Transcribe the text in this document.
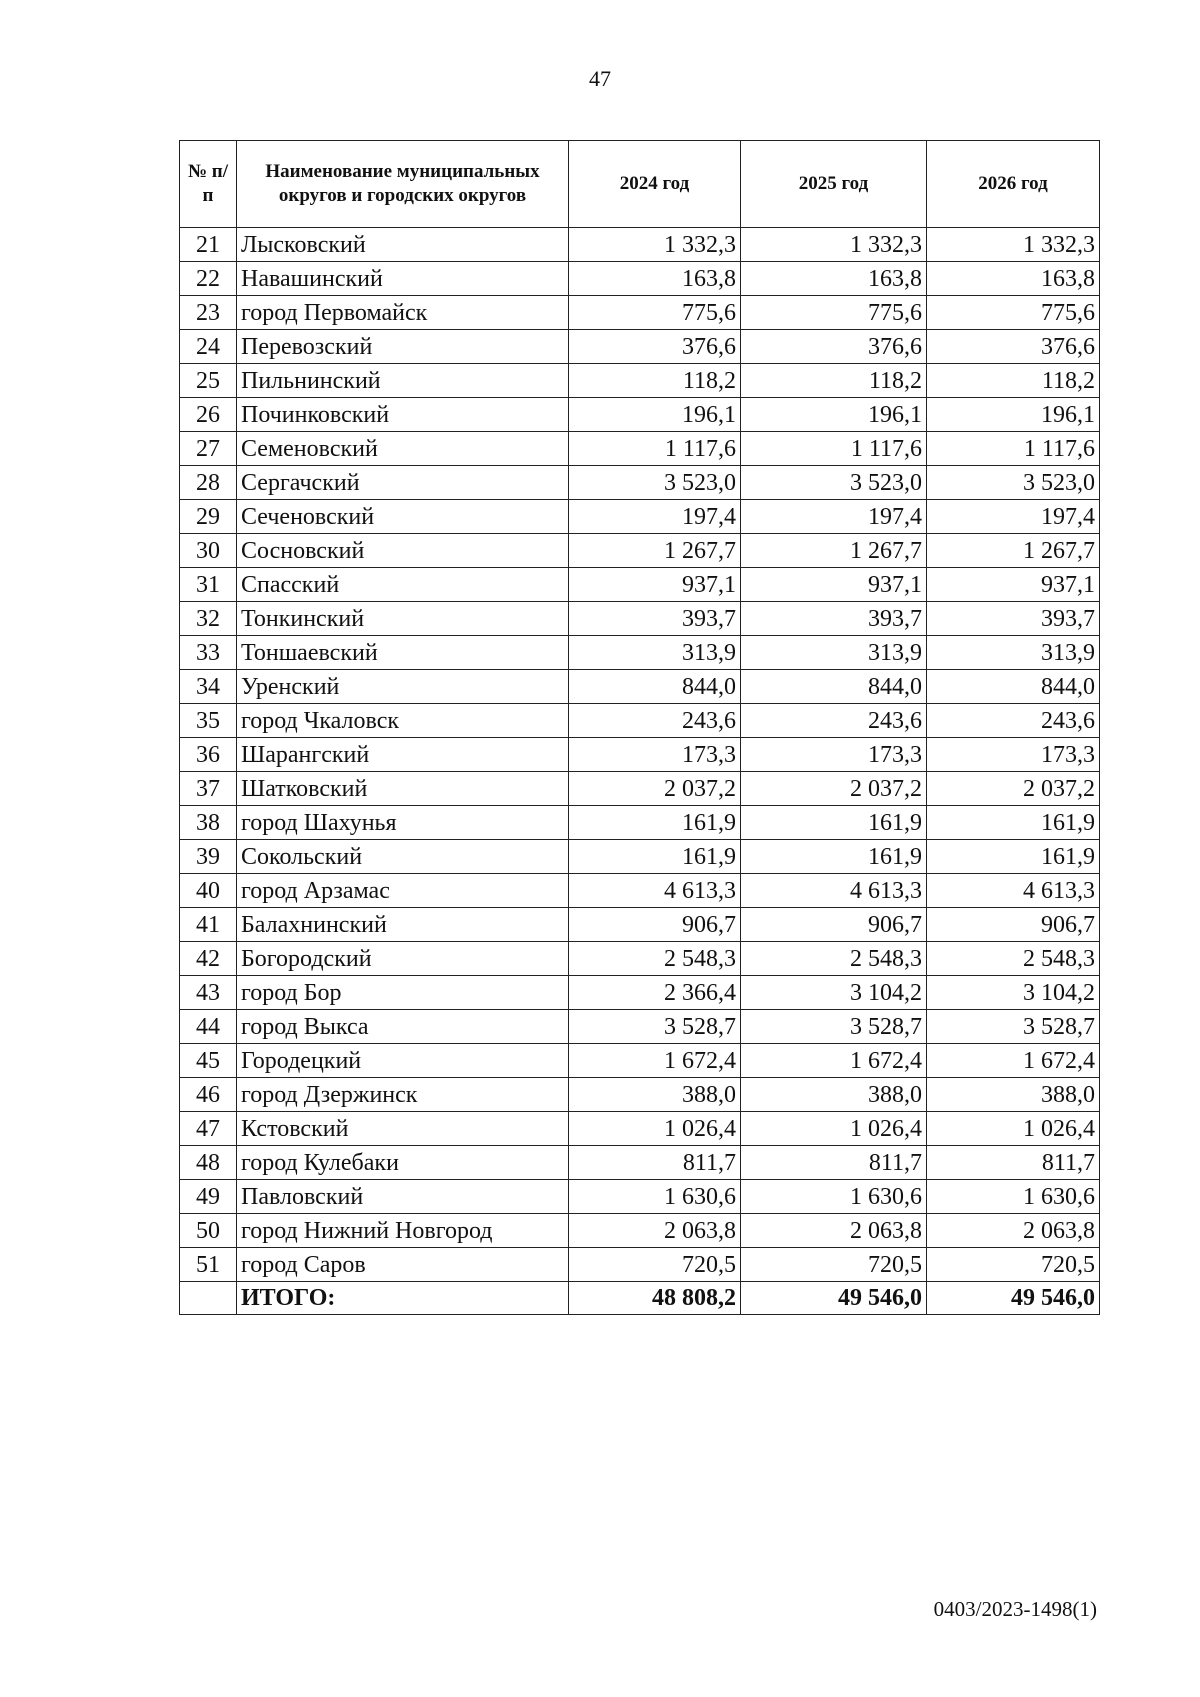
47
№ п/п	Наименование муниципальных округов и городских округов	2024 год	2025 год	2026 год
21	Лысковский	1 332,3	1 332,3	1 332,3
22	Навашинский	163,8	163,8	163,8
23	город Первомайск	775,6	775,6	775,6
24	Перевозский	376,6	376,6	376,6
25	Пильнинский	118,2	118,2	118,2
26	Починковский	196,1	196,1	196,1
27	Семеновский	1 117,6	1 117,6	1 117,6
28	Сергачский	3 523,0	3 523,0	3 523,0
29	Сеченовский	197,4	197,4	197,4
30	Сосновский	1 267,7	1 267,7	1 267,7
31	Спасский	937,1	937,1	937,1
32	Тонкинский	393,7	393,7	393,7
33	Тоншаевский	313,9	313,9	313,9
34	Уренский	844,0	844,0	844,0
35	город Чкаловск	243,6	243,6	243,6
36	Шарангский	173,3	173,3	173,3
37	Шатковский	2 037,2	2 037,2	2 037,2
38	город Шахунья	161,9	161,9	161,9
39	Сокольский	161,9	161,9	161,9
40	город Арзамас	4 613,3	4 613,3	4 613,3
41	Балахнинский	906,7	906,7	906,7
42	Богородский	2 548,3	2 548,3	2 548,3
43	город Бор	2 366,4	3 104,2	3 104,2
44	город Выкса	3 528,7	3 528,7	3 528,7
45	Городецкий	1 672,4	1 672,4	1 672,4
46	город Дзержинск	388,0	388,0	388,0
47	Кстовский	1 026,4	1 026,4	1 026,4
48	город Кулебаки	811,7	811,7	811,7
49	Павловский	1 630,6	1 630,6	1 630,6
50	город Нижний Новгород	2 063,8	2 063,8	2 063,8
51	город Саров	720,5	720,5	720,5
	ИТОГО:	48 808,2	49 546,0	49 546,0
0403/2023-1498(1)
